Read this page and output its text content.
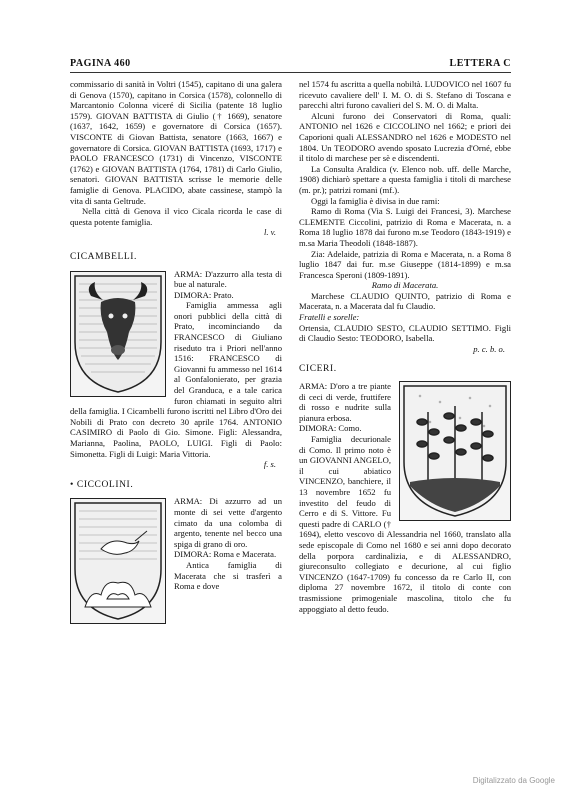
PAGINA 460	LETTERA C

commissario di sanità in Voltri (1545), capitano di una galera di Genova (1570), capitano in Corsica (1578), colonnello di Marcantonio Colonna viceré di Sicilia (patente 18 luglio 1579). GIOVAN BATTISTA di Giulio († 1669), senatore (1637, 1642, 1659) e governatore di Corsica (1657). VISCONTE di Giovan Battista, senatore (1663, 1667) e governatore di Corsica. GIOVAN BATTISTA (1693, 1717) e PAOLO FRANCESCO (1731) di Vincenzo, VISCONTE (1762) e GIOVAN BATTISTA (1764, 1781) di Carlo Giulio, senatori. GIOVAN BATTISTA scrisse le memorie delle famiglie di Genova. PLACIDO, abate cassinese, stampò la vita di santa Geltrude.

Nella città di Genova il vico Cicala ricorda le case di questa potente famiglia.

l. v.

CICAMBELLI.

ARMA: D'azzurro alla testa di bue al naturale.

DIMORA: Prato.

Famiglia ammessa agli onori pubblici della città di Prato, incominciando da FRANCESCO di Giuliano riseduto tra i Priori nell'anno 1516: FRANCESCO di Giovanni fu ammesso nel 1614 al Gonfalonierato, per grazia del Granduca, e a tale carica furon chiamati in seguito altri della famiglia. I Cicambelli furono iscritti nel Libro d'Oro dei Nobili di Prato con decreto 30 aprile 1764. ANTONIO CASIMIRO di Paolo di Gio. Simone. Figli: Alessandra, Marianna, Paolina, PAOLO, LUIGI. Figli di Paolo: Simonetta. Figli di Luigi: Maria Vittoria.

f. s.

• CICCOLINI.

ARMA: Di azzurro ad un monte di sei vette d'argento cimato da una colomba di argento, tenente nel becco una spiga di grano di oro.

DIMORA: Roma e Macerata.

Antica famiglia di Macerata che si trasferì a Roma e dove

nel 1574 fu ascritta a quella nobiltà. LUDOVICO nel 1607 fu ricevuto cavaliere dell' I. M. O. di S. Stefano di Toscana e parecchi altri furono cavalieri del S. M. O. di Malta.

Alcuni furono dei Conservatori di Roma, quali: ANTONIO nel 1626 e CICCOLINO nel 1662; e priori dei Caporioni quali ALESSANDRO nel 1626 e MODESTO nel 1804. Un TEODORO avendo sposato Lucrezia d'Orné, ebbe il titolo di marchese per sè e discendenti.

La Consulta Araldica (v. Elenco nob. uff. delle Marche, 1908) dichiarò spettare a questa famiglia i titoli di marchese (m. pr.); patrizi romani (mf.).

Oggi la famiglia è divisa in due rami:

Ramo di Roma (Via S. Luigi dei Francesi, 3). Marchese CLEMENTE Ciccolini, patrizio di Roma e Macerata, n. a Roma 18 luglio 1878 dai furono m.se Teodoro (1843-1919) e m.sa Maria Theodoli (1848-1887).

Zia: Adelaide, patrizia di Roma e Macerata, n. a Roma 8 luglio 1847 dai fur. m.se Giuseppe (1814-1899) e m.sa Francesca Speroni (1809-1891).

Ramo di Macerata.

Marchese CLAUDIO QUINTO, patrizio di Roma e Macerata, n. a Macerata dal fu Claudio.

Fratelli e sorelle:

Ortensia, CLAUDIO SESTO, CLAUDIO SETTIMO. Figli di Claudio Sesto: TEODORO, Isabella.

p. c. b. o.

CICERI.

ARMA: D'oro a tre piante di ceci di verde, fruttifere di rosso e nudrite sulla pianura erbosa.

DIMORA: Como.

Famiglia decurionale di Como. Il primo noto è un GIOVANNI ANGELO, il cui abiatico VINCENZO, banchiere, il 13 novembre 1652 fu investito del feudo di Cerro e di S. Vittore. Fu questi padre di CARLO († 1694), eletto vescovo di Alessandria nel 1660, translato alla sede episcopale di Como nel 1680 e sei anni dopo decorato della porpora cardinalizia, e di ALESSANDRO, giureconsulto collegiato e decurione, al cui figlio VINCENZO (1647-1709) fu concesso da re Carlo II, con diploma 27 novembre 1672, il titolo di conte con trasmissione primogeniale mascolina, titolo che fu appoggiato al detto feudo.

Digitalizzato da Google
